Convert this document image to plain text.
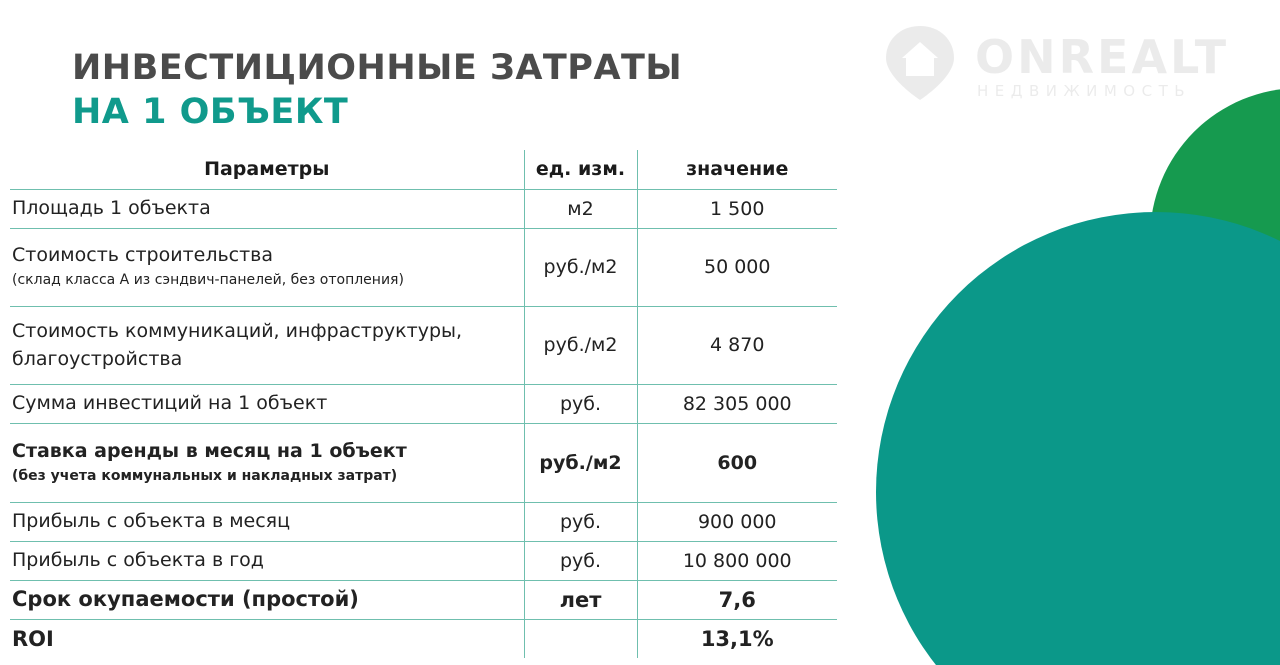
ONREALT
НЕДВИЖИМОСТЬ
ИНВЕСТИЦИОННЫЕ ЗАТРАТЫ
НА 1 ОБЪЕКТ
Параметры	ед. изм.	значение
Площадь 1 объекта	м2	1 500
Стоимость строительства
(склад класса А из сэндвич-панелей, без отопления)	руб./м2	50 000
Стоимость коммуникаций, инфраструктуры, благоустройства	руб./м2	4 870
Сумма инвестиций на 1 объект	руб.	82 305 000
Ставка аренды в месяц на 1 объект
(без учета коммунальных и накладных затрат)	руб./м2	600
Прибыль с объекта в месяц	руб.	900 000
Прибыль с объекта в год	руб.	10 800 000
Срок окупаемости (простой)	лет	7,6
ROI		13,1%
